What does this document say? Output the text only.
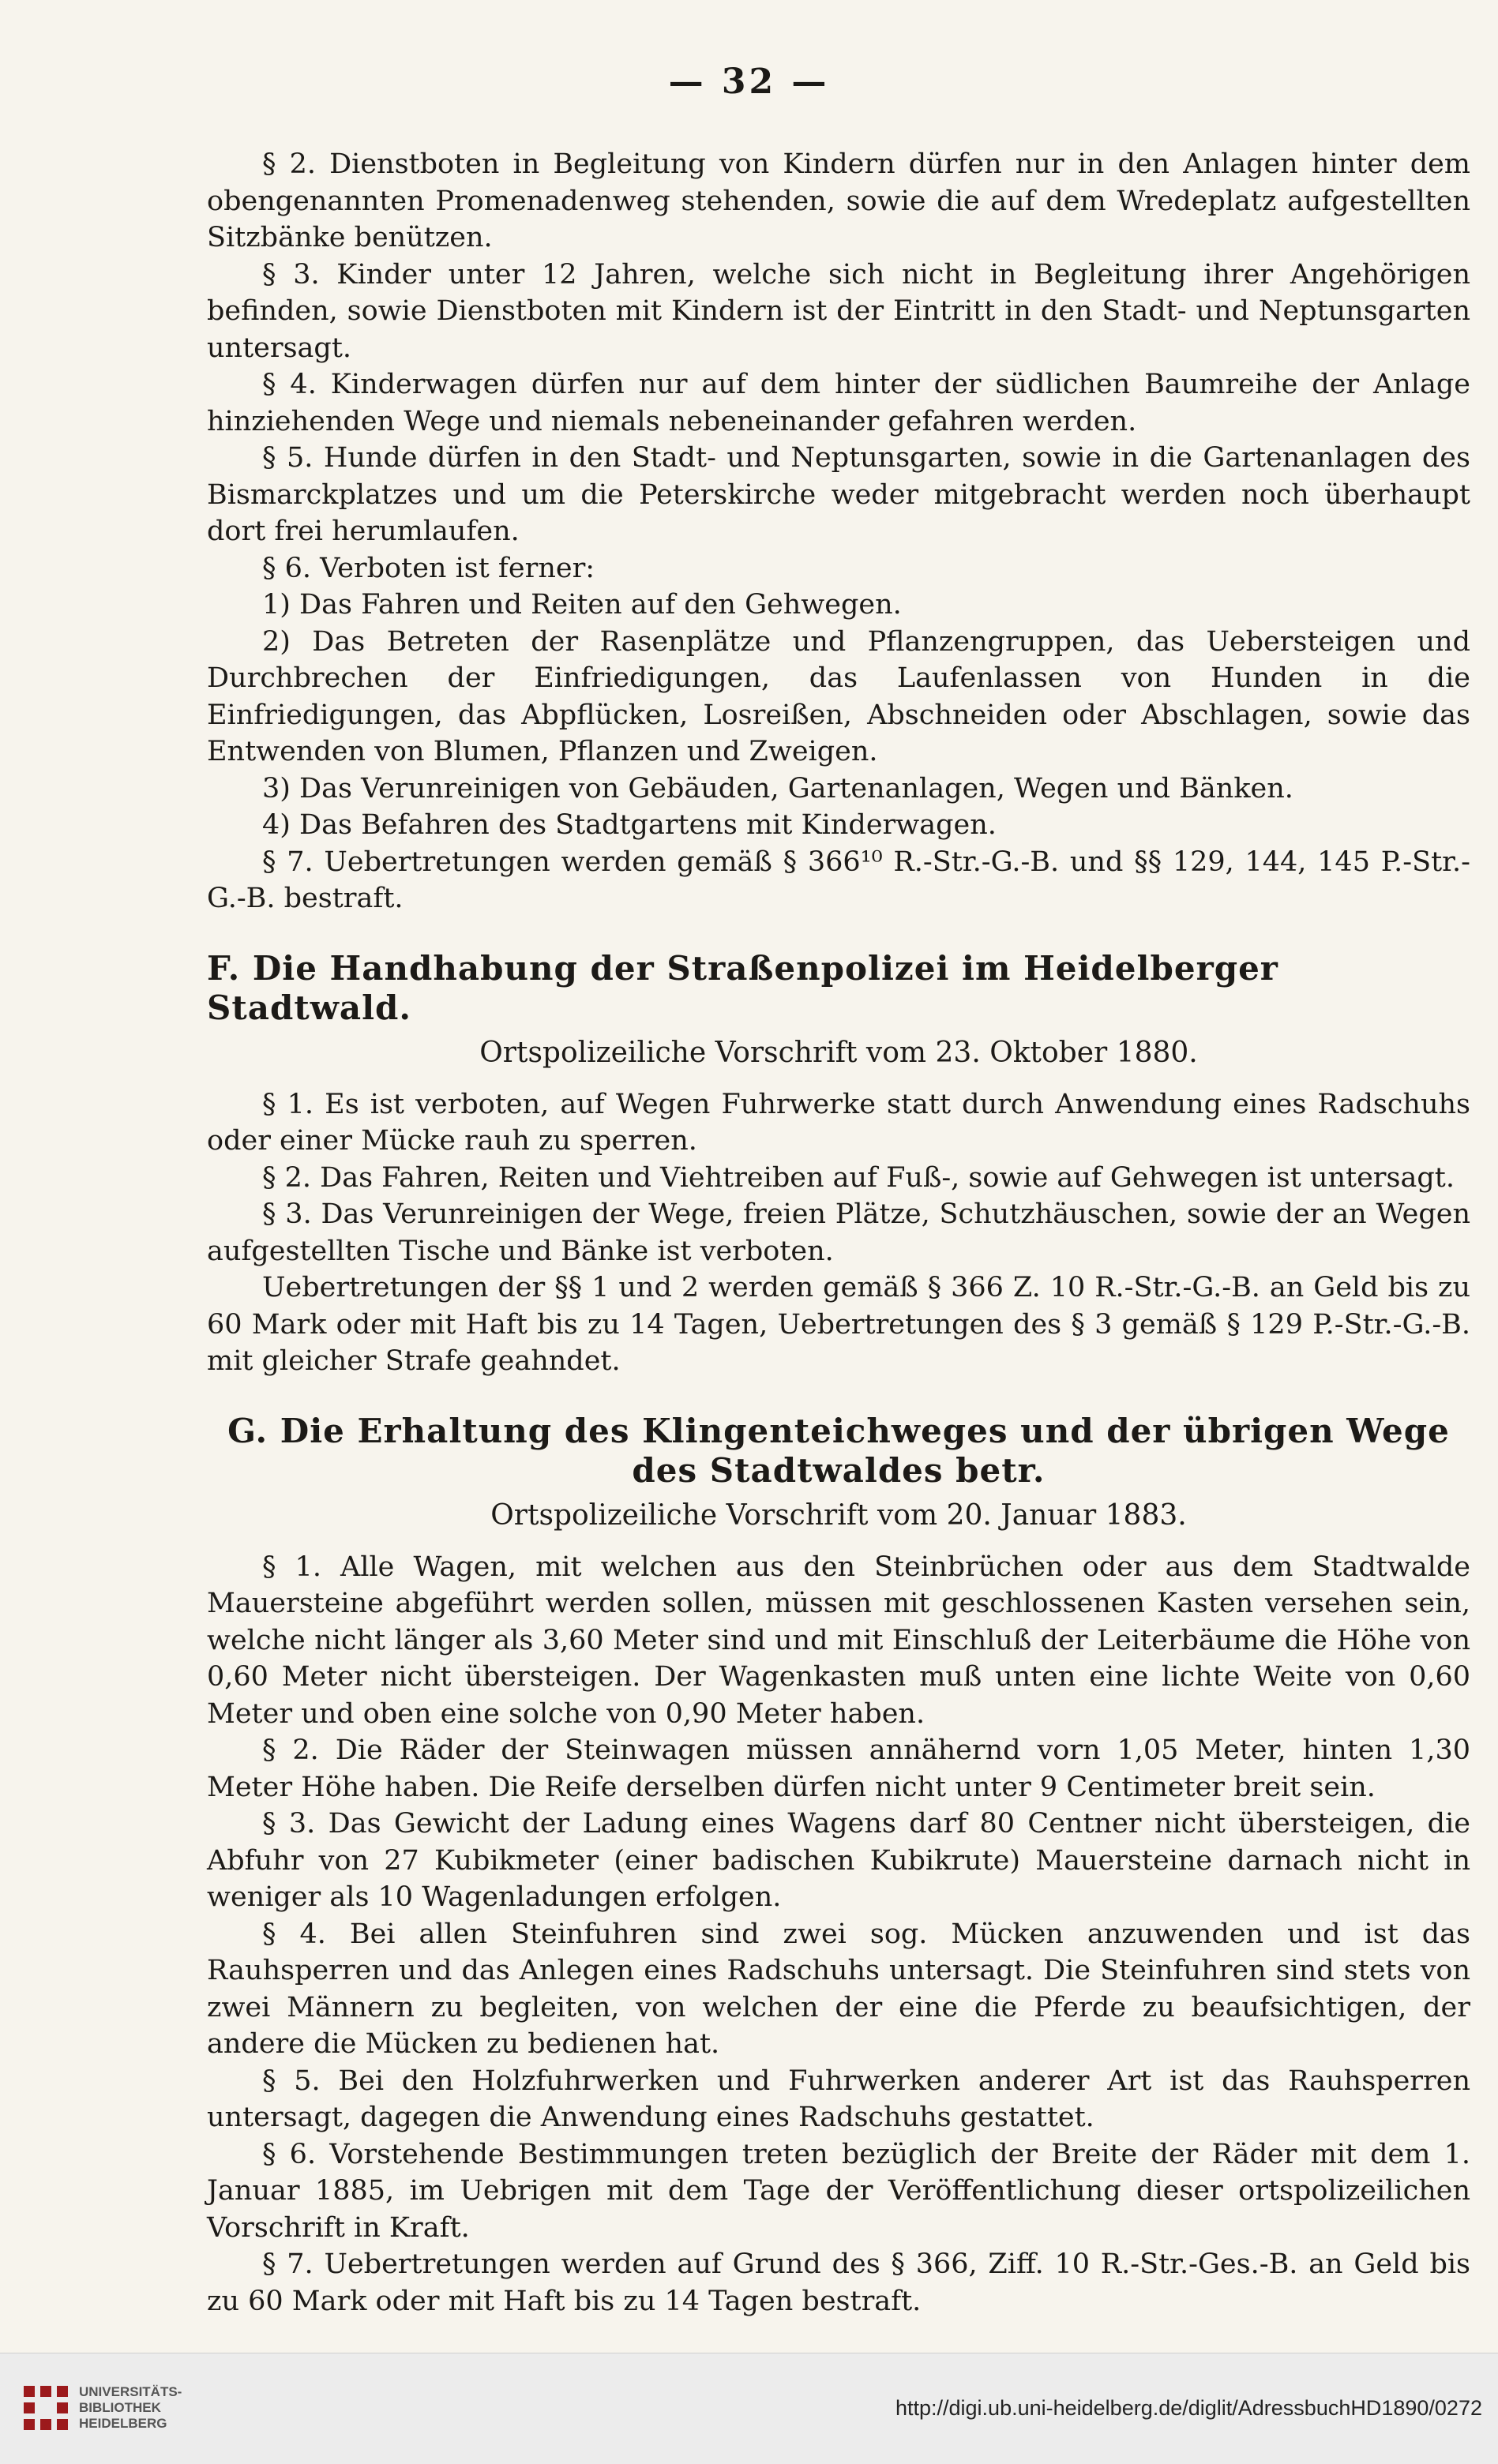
— 32 —

§ 2. Dienstboten in Begleitung von Kindern dürfen nur in den Anlagen hinter dem obengenannten Promenadenweg stehenden, sowie die auf dem Wredeplatz aufgestellten Sitzbänke benützen.

§ 3. Kinder unter 12 Jahren, welche sich nicht in Begleitung ihrer Angehörigen befinden, sowie Dienstboten mit Kindern ist der Eintritt in den Stadt- und Neptunsgarten untersagt.

§ 4. Kinderwagen dürfen nur auf dem hinter der südlichen Baumreihe der Anlage hinziehenden Wege und niemals nebeneinander gefahren werden.

§ 5. Hunde dürfen in den Stadt- und Neptunsgarten, sowie in die Gartenanlagen des Bismarckplatzes und um die Peterskirche weder mitgebracht werden noch überhaupt dort frei herumlaufen.

§ 6. Verboten ist ferner:

1) Das Fahren und Reiten auf den Gehwegen.

2) Das Betreten der Rasenplätze und Pflanzengruppen, das Uebersteigen und Durchbrechen der Einfriedigungen, das Laufenlassen von Hunden in die Einfriedigungen, das Abpflücken, Losreißen, Abschneiden oder Abschlagen, sowie das Entwenden von Blumen, Pflanzen und Zweigen.

3) Das Verunreinigen von Gebäuden, Gartenanlagen, Wegen und Bänken.

4) Das Befahren des Stadtgartens mit Kinderwagen.

§ 7. Uebertretungen werden gemäß § 366¹⁰ R.-Str.-G.-B. und §§ 129, 144, 145 P.-Str.-G.-B. bestraft.

F. Die Handhabung der Straßenpolizei im Heidelberger Stadtwald.
Ortspolizeiliche Vorschrift vom 23. Oktober 1880.

§ 1. Es ist verboten, auf Wegen Fuhrwerke statt durch Anwendung eines Radschuhs oder einer Mücke rauh zu sperren.

§ 2. Das Fahren, Reiten und Viehtreiben auf Fuß-, sowie auf Gehwegen ist untersagt.

§ 3. Das Verunreinigen der Wege, freien Plätze, Schutzhäuschen, sowie der an Wegen aufgestellten Tische und Bänke ist verboten.

Uebertretungen der §§ 1 und 2 werden gemäß § 366 Z. 10 R.-Str.-G.-B. an Geld bis zu 60 Mark oder mit Haft bis zu 14 Tagen, Uebertretungen des § 3 gemäß § 129 P.-Str.-G.-B. mit gleicher Strafe geahndet.

G. Die Erhaltung des Klingenteichweges und der übrigen Wege
des Stadtwaldes betr.
Ortspolizeiliche Vorschrift vom 20. Januar 1883.

§ 1. Alle Wagen, mit welchen aus den Steinbrüchen oder aus dem Stadtwalde Mauersteine abgeführt werden sollen, müssen mit geschlossenen Kasten versehen sein, welche nicht länger als 3,60 Meter sind und mit Einschluß der Leiterbäume die Höhe von 0,60 Meter nicht übersteigen. Der Wagenkasten muß unten eine lichte Weite von 0,60 Meter und oben eine solche von 0,90 Meter haben.

§ 2. Die Räder der Steinwagen müssen annähernd vorn 1,05 Meter, hinten 1,30 Meter Höhe haben. Die Reife derselben dürfen nicht unter 9 Centimeter breit sein.

§ 3. Das Gewicht der Ladung eines Wagens darf 80 Centner nicht übersteigen, die Abfuhr von 27 Kubikmeter (einer badischen Kubikrute) Mauersteine darnach nicht in weniger als 10 Wagenladungen erfolgen.

§ 4. Bei allen Steinfuhren sind zwei sog. Mücken anzuwenden und ist das Rauhsperren und das Anlegen eines Radschuhs untersagt. Die Steinfuhren sind stets von zwei Männern zu begleiten, von welchen der eine die Pferde zu beaufsichtigen, der andere die Mücken zu bedienen hat.

§ 5. Bei den Holzfuhrwerken und Fuhrwerken anderer Art ist das Rauhsperren untersagt, dagegen die Anwendung eines Radschuhs gestattet.

§ 6. Vorstehende Bestimmungen treten bezüglich der Breite der Räder mit dem 1. Januar 1885, im Uebrigen mit dem Tage der Veröffentlichung dieser ortspolizeilichen Vorschrift in Kraft.

§ 7. Uebertretungen werden auf Grund des § 366, Ziff. 10 R.-Str.-Ges.-B. an Geld bis zu 60 Mark oder mit Haft bis zu 14 Tagen bestraft.

UNIVERSITÄTS-
BIBLIOTHEK
HEIDELBERG
http://digi.ub.uni-heidelberg.de/diglit/AdressbuchHD1890/0272
